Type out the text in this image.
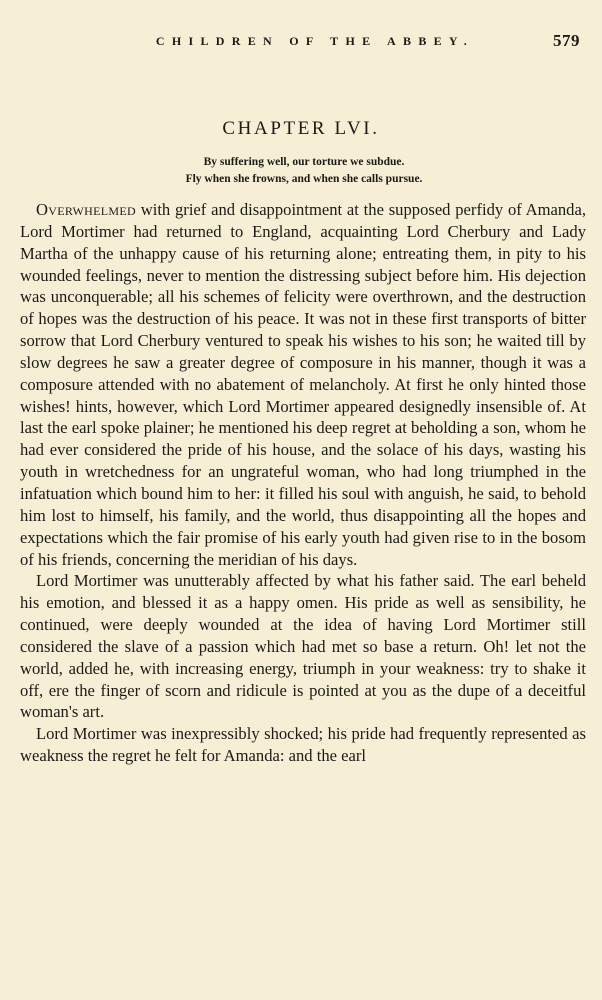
CHILDREN OF THE ABBEY.	579
CHAPTER LVI.
By suffering well, our torture we subdue.
Fly when she frowns, and when she calls pursue.

Overwhelmed with grief and disappointment at the supposed perfidy of Amanda, Lord Mortimer had returned to England, acquainting Lord Cherbury and Lady Martha of the unhappy cause of his returning alone; entreating them, in pity to his wounded feelings, never to mention the distressing subject before him. His dejection was unconquerable; all his schemes of felicity were overthrown, and the destruction of hopes was the destruction of his peace. It was not in these first transports of bitter sorrow that Lord Cherbury ventured to speak his wishes to his son; he waited till by slow degrees he saw a greater degree of composure in his manner, though it was a composure attended with no abatement of melancholy. At first he only hinted those wishes! hints, however, which Lord Mortimer appeared designedly insensible of. At last the earl spoke plainer; he mentioned his deep regret at beholding a son, whom he had ever considered the pride of his house, and the solace of his days, wasting his youth in wretchedness for an ungrateful woman, who had long triumphed in the infatuation which bound him to her: it filled his soul with anguish, he said, to behold him lost to himself, his family, and the world, thus disappointing all the hopes and expectations which the fair promise of his early youth had given rise to in the bosom of his friends, concerning the meridian of his days.

Lord Mortimer was unutterably affected by what his father said. The earl beheld his emotion, and blessed it as a happy omen. His pride as well as sensibility, he continued, were deeply wounded at the idea of having Lord Mortimer still considered the slave of a passion which had met so base a return. Oh! let not the world, added he, with increasing energy, triumph in your weakness: try to shake it off, ere the finger of scorn and ridicule is pointed at you as the dupe of a deceitful woman's art.

Lord Mortimer was inexpressibly shocked; his pride had frequently represented as weakness the regret he felt for Amanda: and the earl
